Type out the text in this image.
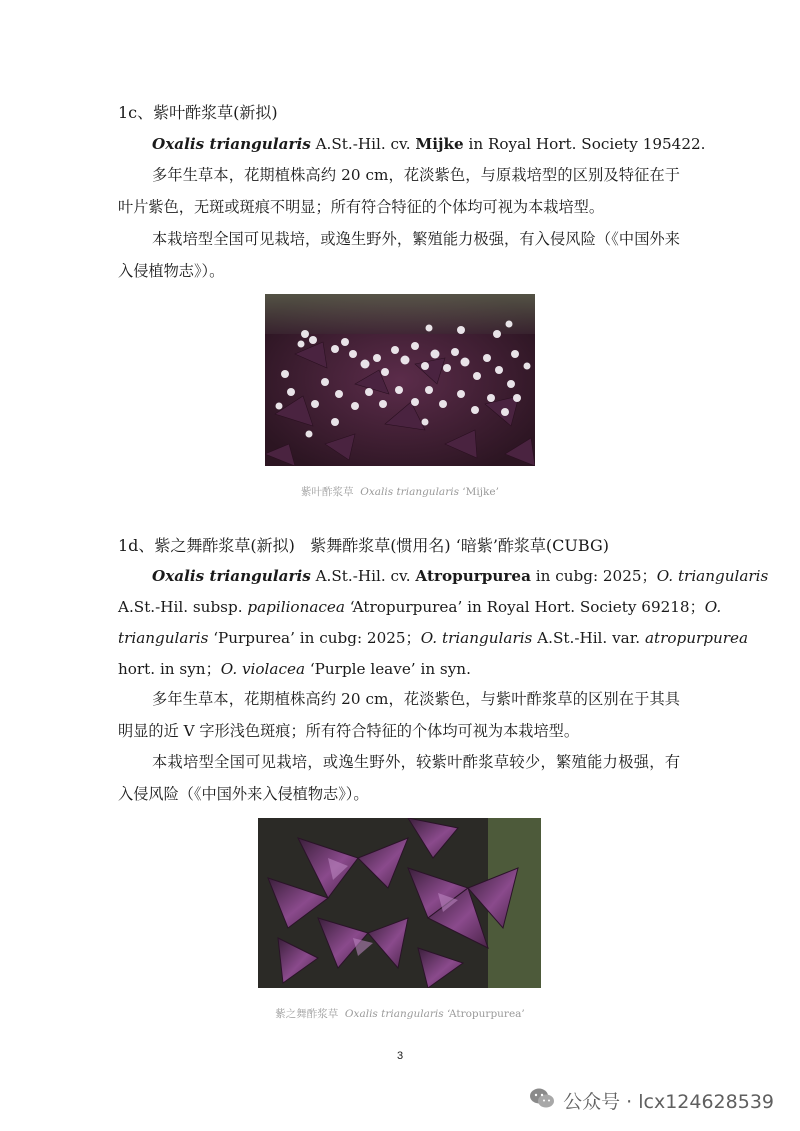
1c、紫叶酢浆草(新拟)
Oxalis triangularis A.St.-Hil. cv. Mijke in Royal Hort. Society 195422.

多年生草本，花期植株高约 20 cm，花淡紫色，与原栽培型的区别及特征在于叶片紫色，无斑或斑痕不明显；所有符合特征的个体均可视为本栽培型。

本栽培型全国可见栽培，或逸生野外，繁殖能力极强，有入侵风险（《中国外来入侵植物志》）。

紫叶酢浆草 Oxalis triangularis ‘Mijke’
1d、紫之舞酢浆草(新拟) 紫舞酢浆草(惯用名) ‘暗紫’酢浆草(CUBG)
Oxalis triangularis A.St.-Hil. cv. Atropurpurea in cubg: 2025；O. triangularis
A.St.-Hil. subsp. papilionacea ‘Atropurpurea’ in Royal Hort. Society 69218； O.
triangularis ‘Purpurea’ in cubg: 2025； O. triangularis A.St.-Hil. var. atropurpurea
hort. in syn；O. violacea ‘Purple leave’ in syn.

多年生草本，花期植株高约 20 cm，花淡紫色，与紫叶酢浆草的区别在于其具明显的近 V 字形浅色斑痕；所有符合特征的个体均可视为本栽培型。

本栽培型全国可见栽培，或逸生野外，较紫叶酢浆草较少，繁殖能力极强，有入侵风险（《中国外来入侵植物志》）。

紫之舞酢浆草 Oxalis triangularis ‘Atropurpurea’
3
公众号 · lcx124628539
